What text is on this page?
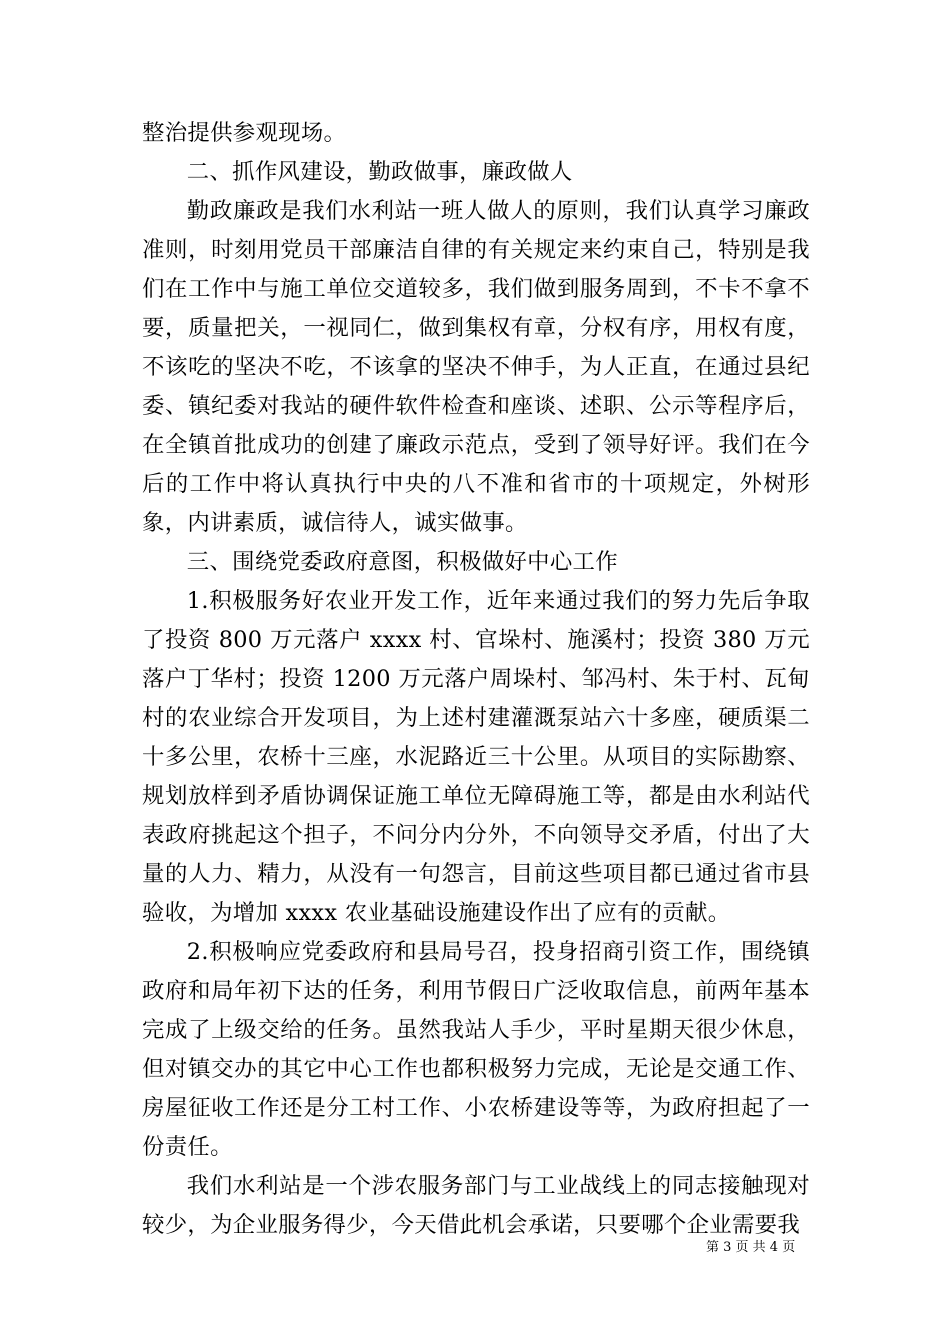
整治提供参观现场。

二、抓作风建设，勤政做事，廉政做人

勤政廉政是我们水利站一班人做人的原则，我们认真学习廉政准则，时刻用党员干部廉洁自律的有关规定来约束自己，特别是我们在工作中与施工单位交道较多，我们做到服务周到，不卡不拿不要，质量把关，一视同仁，做到集权有章，分权有序，用权有度，不该吃的坚决不吃，不该拿的坚决不伸手，为人正直，在通过县纪委、镇纪委对我站的硬件软件检查和座谈、述职、公示等程序后，在全镇首批成功的创建了廉政示范点，受到了领导好评。我们在今后的工作中将认真执行中央的八不准和省市的十项规定，外树形象，内讲素质，诚信待人，诚实做事。

三、围绕党委政府意图，积极做好中心工作

1.积极服务好农业开发工作，近年来通过我们的努力先后争取了投资 800 万元落户 xxxx 村、官垛村、施溪村；投资 380 万元落户丁华村；投资 1200 万元落户周垛村、邹冯村、朱于村、瓦甸村的农业综合开发项目，为上述村建灌溉泵站六十多座，硬质渠二十多公里，农桥十三座，水泥路近三十公里。从项目的实际勘察、规划放样到矛盾协调保证施工单位无障碍施工等，都是由水利站代表政府挑起这个担子，不问分内分外，不向领导交矛盾，付出了大量的人力、精力，从没有一句怨言，目前这些项目都已通过省市县验收，为增加 xxxx 农业基础设施建设作出了应有的贡献。

2.积极响应党委政府和县局号召，投身招商引资工作，围绕镇政府和局年初下达的任务，利用节假日广泛收取信息，前两年基本完成了上级交给的任务。虽然我站人手少，平时星期天很少休息，但对镇交办的其它中心工作也都积极努力完成，无论是交通工作、房屋征收工作还是分工村工作、小农桥建设等等，为政府担起了一份责任。

我们水利站是一个涉农服务部门与工业战线上的同志接触现对较少，为企业服务得少，今天借此机会承诺，只要哪个企业需要我

第 3 页 共 4 页
